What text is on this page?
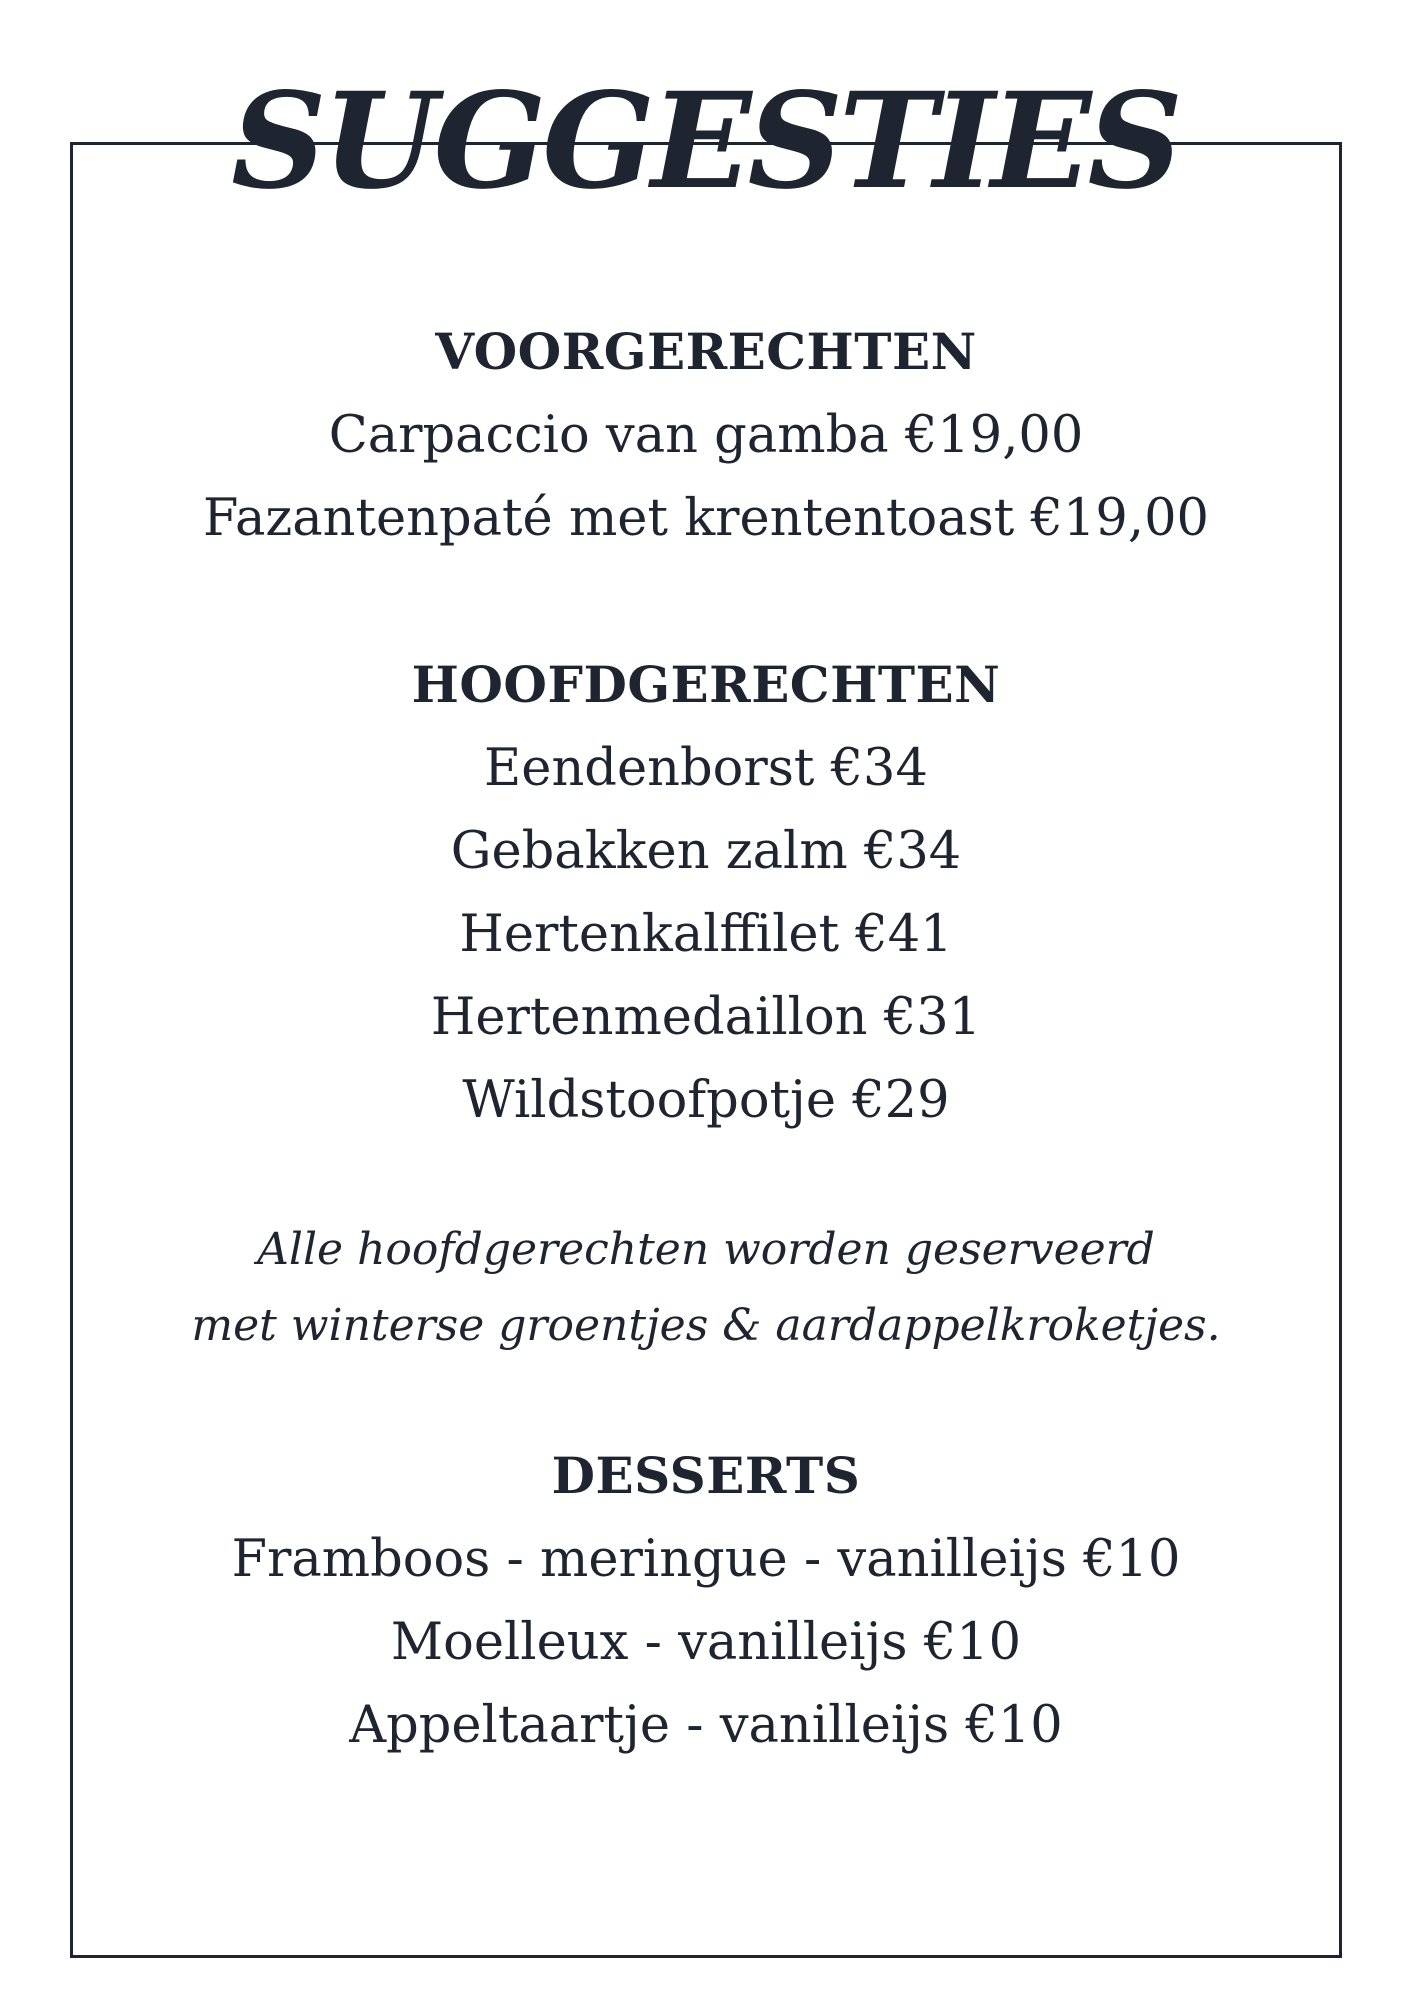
SUGGESTIES

VOORGERECHTEN

Carpaccio van gamba €19,00

Fazantenpaté met krententoast €19,00

HOOFDGERECHTEN

Eendenborst €34

Gebakken zalm €34

Hertenkalffilet €41

Hertenmedaillon €31

Wildstoofpotje €29

Alle hoofdgerechten worden geserveerd
met winterse groentjes & aardappelkroketjes.

DESSERTS

Framboos - meringue - vanilleijs €10

Moelleux - vanilleijs €10

Appeltaartje - vanilleijs €10
